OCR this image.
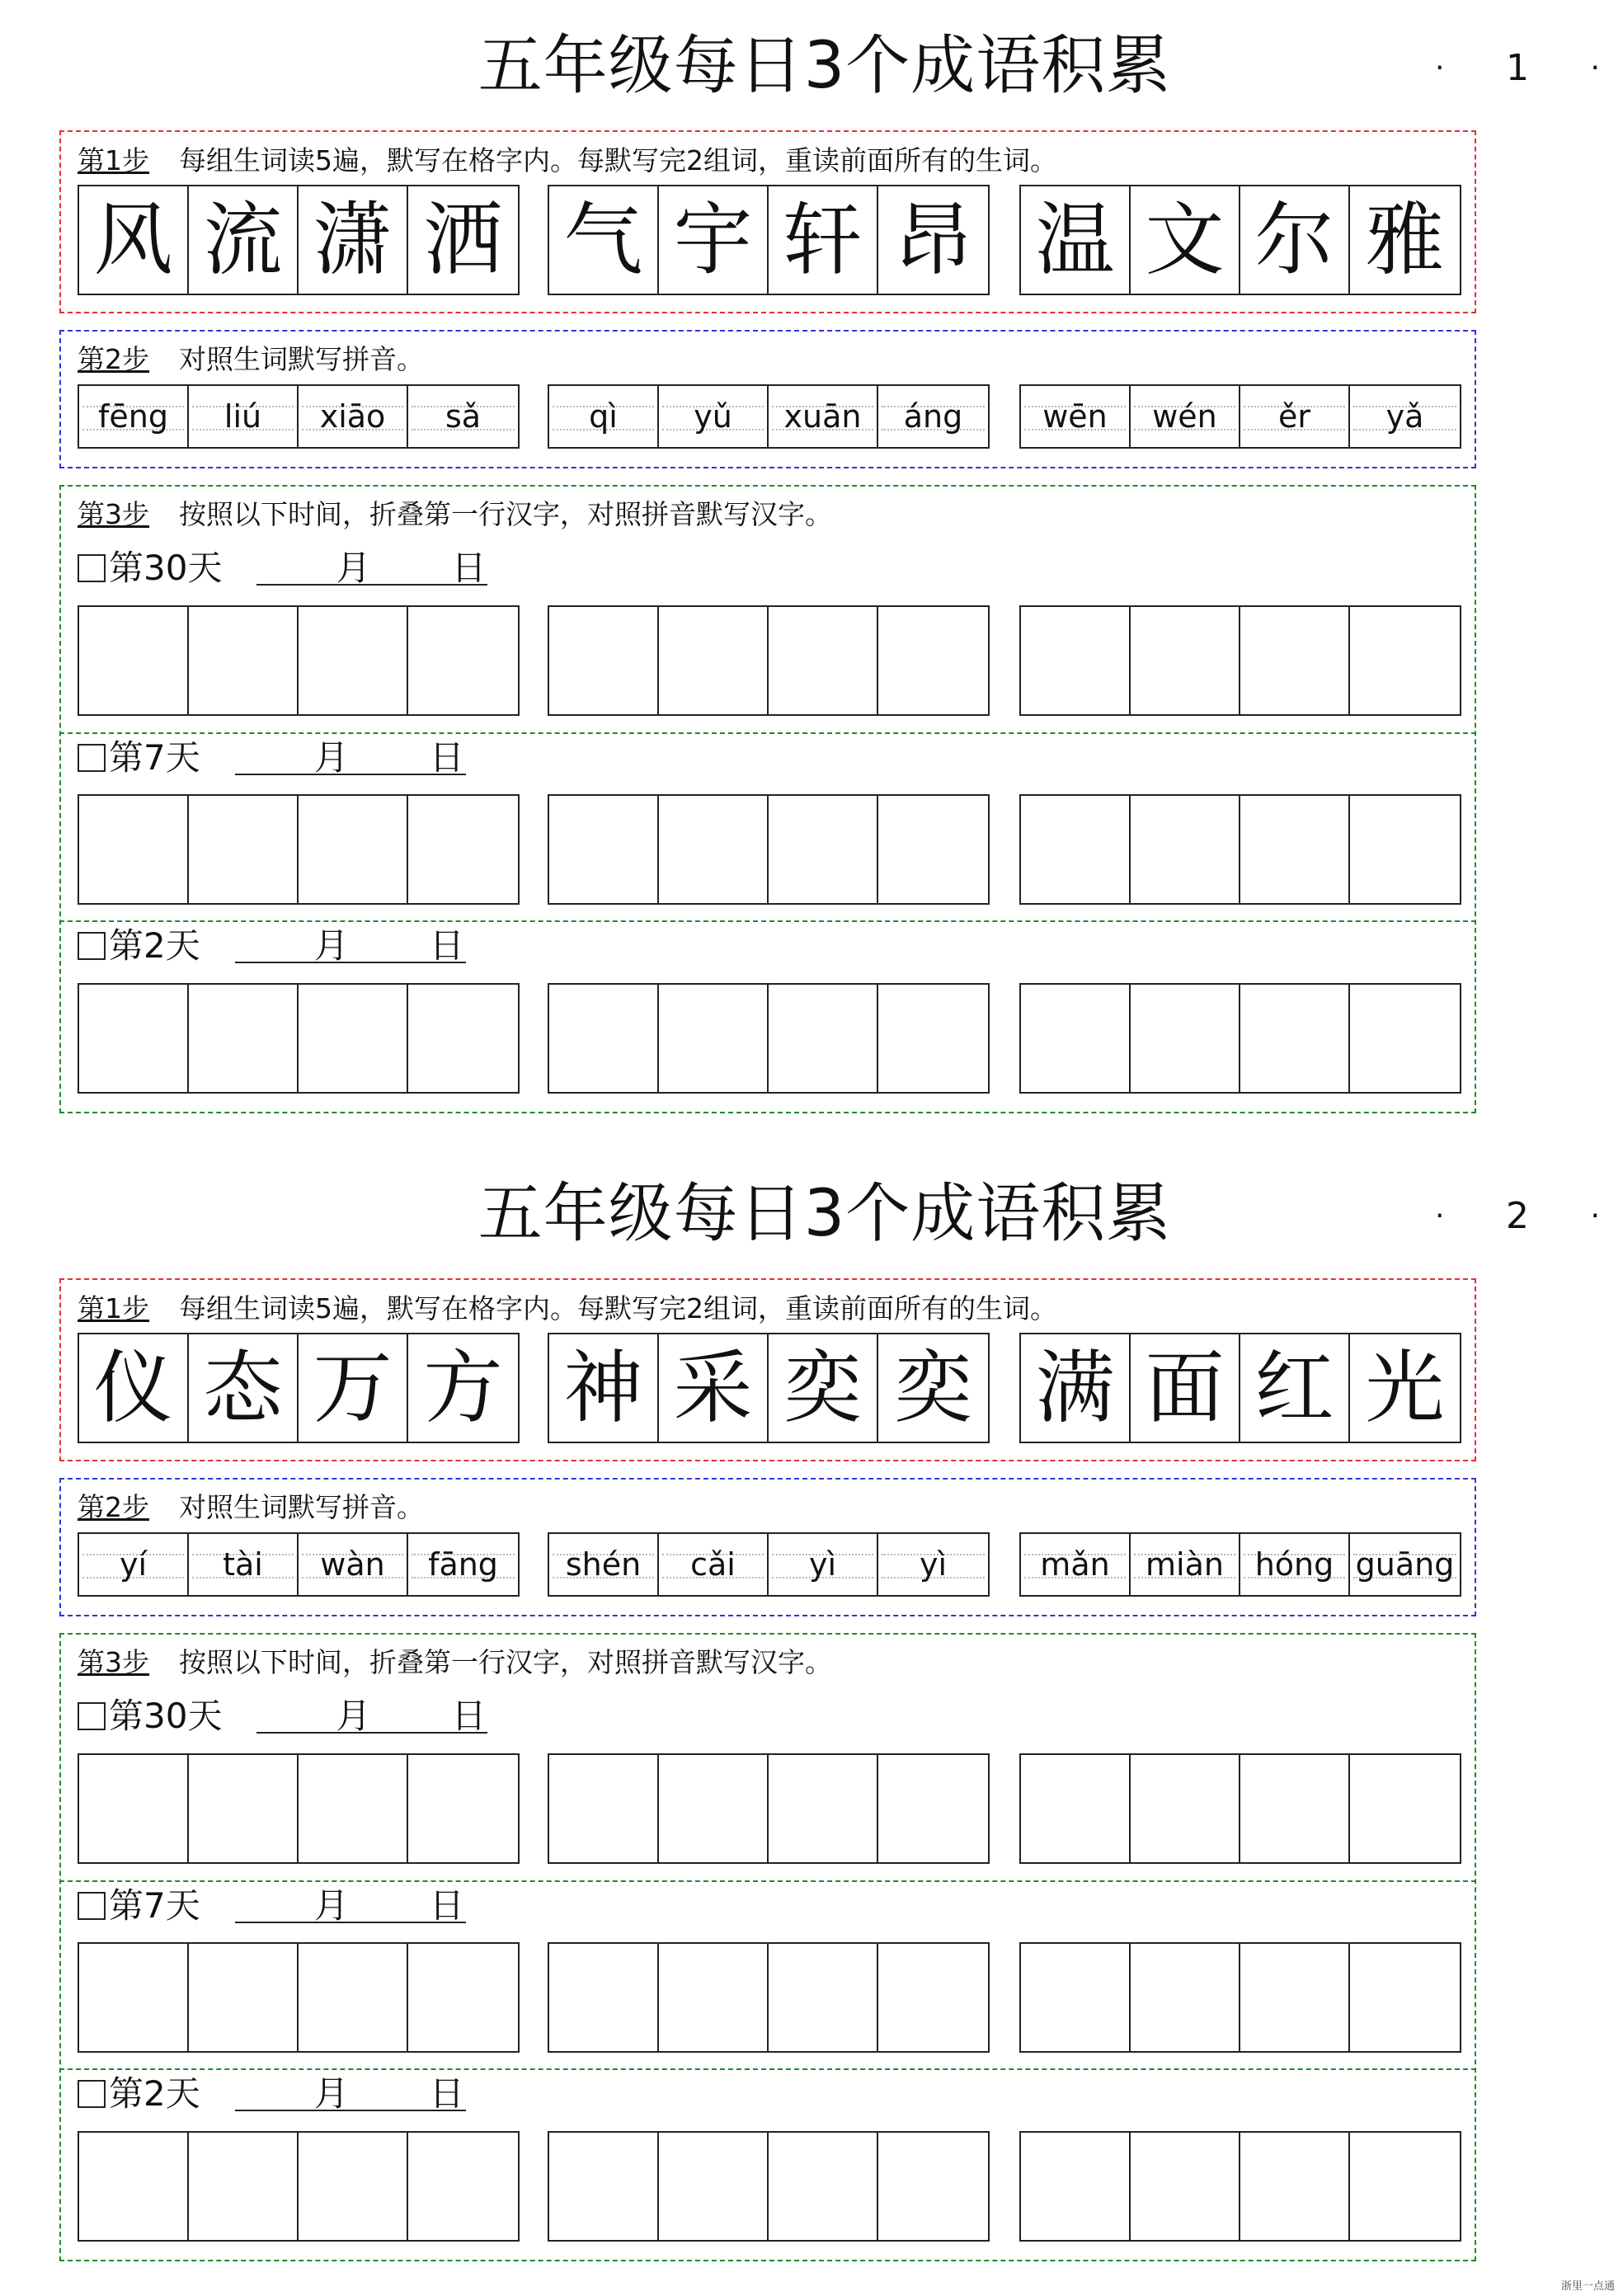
五年级每日3个成语积累	· 1 ·
第1步 每组生词读5遍，默写在格字内。每默写完2组词，重读前面所有的生词。
风 流 潇 洒 气 宇 轩 昂 温 文 尔 雅
第2步 对照生词默写拼音。
fēng liú xiāo sǎ	qì yǔ xuān áng	wēn wén ěr yǎ
第3步 按照以下时间，折叠第一行汉字，对照拼音默写汉字。
第30天	月 日
第7天	月 日
第2天	月 日
五年级每日3个成语积累	· 2 ·
第1步 每组生词读5遍，默写在格字内。每默写完2组词，重读前面所有的生词。
仪 态 万 方 神 采 奕 奕 满 面 红 光
第2步 对照生词默写拼音。
yí tài wàn fāng shén cǎi yì	yì	mǎn miàn hóng guāng
第3步 按照以下时间，折叠第一行汉字，对照拼音默写汉字。
第30天	月 日
第7天	月 日
第2天	月 日
浙里一点通
